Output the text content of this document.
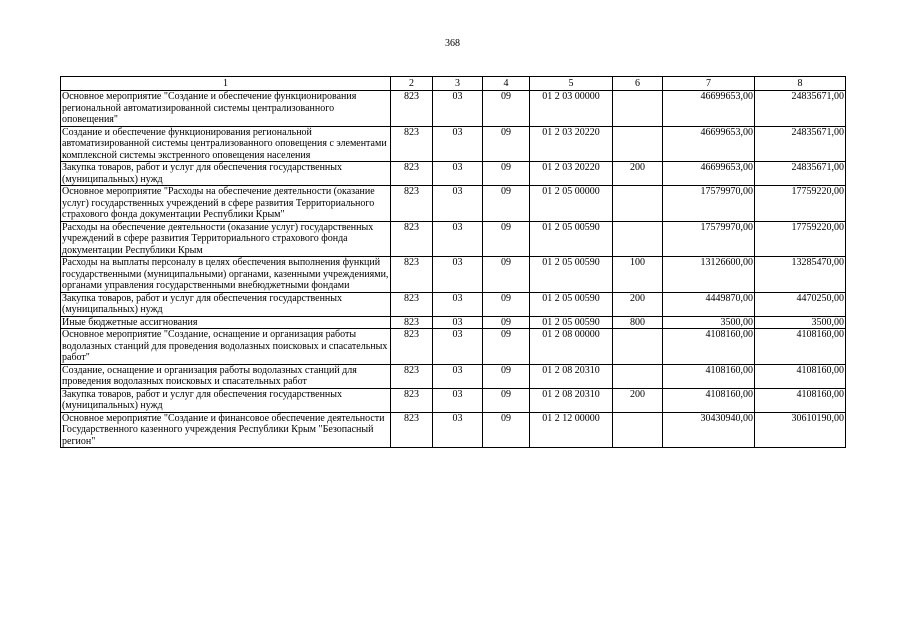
368
1	2	3	4	5	6	7	8
Основное мероприятие "Создание и обеспечение функционирования региональной автоматизированной системы централизованного оповещения"	823	03	09	01 2 03 00000		46699653,00	24835671,00
Создание и обеспечение функционирования региональной автоматизированной системы централизованного оповещения с элементами комплексной системы экстренного оповещения населения	823	03	09	01 2 03 20220		46699653,00	24835671,00
Закупка товаров, работ и услуг для обеспечения государственных (муниципальных) нужд	823	03	09	01 2 03 20220	200	46699653,00	24835671,00
Основное мероприятие "Расходы на обеспечение деятельности (оказание услуг) государственных учреждений в сфере развития Территориального страхового фонда документации Республики Крым"	823	03	09	01 2 05 00000		17579970,00	17759220,00
Расходы на обеспечение деятельности (оказание услуг) государственных учреждений в сфере развития Территориального страхового фонда документации Республики Крым	823	03	09	01 2 05 00590		17579970,00	17759220,00
Расходы на выплаты персоналу в целях обеспечения выполнения функций государственными (муниципальными) органами, казенными учреждениями, органами управления государственными внебюджетными фондами	823	03	09	01 2 05 00590	100	13126600,00	13285470,00
Закупка товаров, работ и услуг для обеспечения государственных (муниципальных) нужд	823	03	09	01 2 05 00590	200	4449870,00	4470250,00
Иные бюджетные ассигнования	823	03	09	01 2 05 00590	800	3500,00	3500,00
Основное мероприятие "Создание, оснащение и организация работы водолазных станций для проведения водолазных поисковых и спасательных работ"	823	03	09	01 2 08 00000		4108160,00	4108160,00
Создание, оснащение и организация работы водолазных станций для проведения водолазных поисковых и спасательных работ	823	03	09	01 2 08 20310		4108160,00	4108160,00
Закупка товаров, работ и услуг для обеспечения государственных (муниципальных) нужд	823	03	09	01 2 08 20310	200	4108160,00	4108160,00
Основное мероприятие "Создание и финансовое обеспечение деятельности Государственного казенного учреждения Республики Крым "Безопасный регион"	823	03	09	01 2 12 00000		30430940,00	30610190,00
